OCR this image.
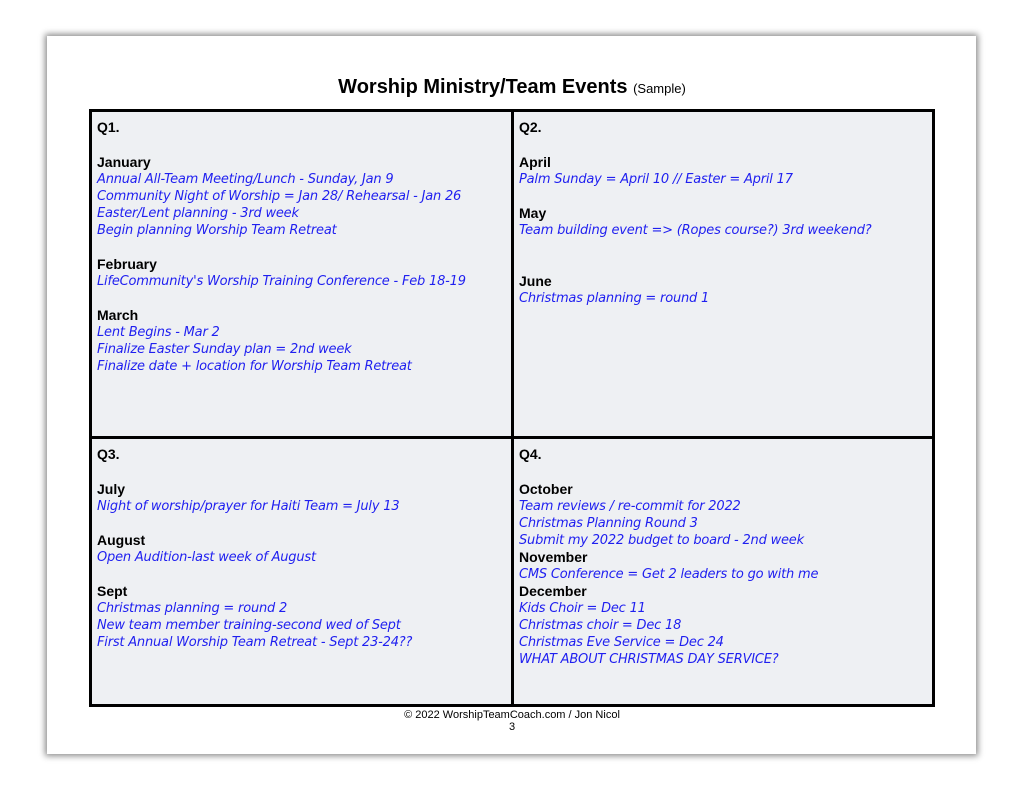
Worship Ministry/Team Events (Sample)
Q1.
January
Annual All-Team Meeting/Lunch - Sunday, Jan 9
Community Night of Worship = Jan 28/ Rehearsal - Jan 26
Easter/Lent planning - 3rd week
Begin planning Worship Team Retreat
February
LifeCommunity's Worship Training Conference - Feb 18-19
March
Lent Begins - Mar 2
Finalize Easter Sunday plan = 2nd week
Finalize date + location for Worship Team Retreat
Q2.
April
Palm Sunday = April 10 // Easter = April 17
May
Team building event => (Ropes course?) 3rd weekend?
June
Christmas planning = round 1
Q3.
July
Night of worship/prayer for Haiti Team = July 13
August
Open Audition-last week of August
Sept
Christmas planning = round 2
New team member training-second wed of Sept
First Annual Worship Team Retreat - Sept 23-24??
Q4.
October
Team reviews / re-commit for 2022
Christmas Planning Round 3
Submit my 2022 budget to board - 2nd week
November
CMS Conference = Get 2 leaders to go with me
December
Kids Choir = Dec 11
Christmas choir = Dec 18
Christmas Eve Service = Dec 24
WHAT ABOUT CHRISTMAS DAY SERVICE?
© 2022 WorshipTeamCoach.com / Jon Nicol
3
